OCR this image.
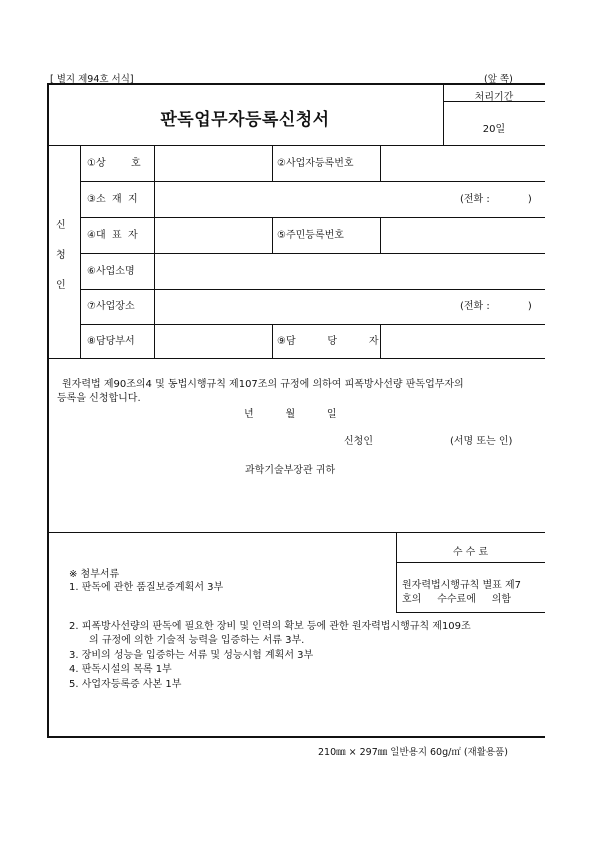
[ 별지 제94호 서식]	(앞 쪽)
판독업무자등록신청서
처리기간
20일
신
청
인
①상        호	②사업자등록번호
③소  재  지	(전화 :            )
④대  표  자	⑤주민등록번호
⑥사업소명
⑦사업장소	(전화 :            )
⑧담당부서	⑨담          당          자
원자력법 제90조의4 및 동법시행규칙 제107조의 규정에 의하여 피폭방사선량 판독업무자의
등록을 신청합니다.
년          월          일
신청인	(서명 또는 인)
과학기술부장관 귀하
수 수 료
원자력법시행규칙 별표 제7
호의     수수료에     의함
※ 첨부서류
1. 판독에 관한 품질보증계획서 3부
2. 피폭방사선량의 판독에 필요한 장비 및 인력의 확보 등에 관한 원자력법시행규칙 제109조
의 규정에 의한 기술적 능력을 입증하는 서류 3부.
3. 장비의 성능을 입증하는 서류 및 성능시험 계획서 3부
4. 판독시설의 목록 1부
5. 사업자등록증 사본 1부
210㎜ × 297㎜ 일반용지 60g/㎡ (재활용품)
